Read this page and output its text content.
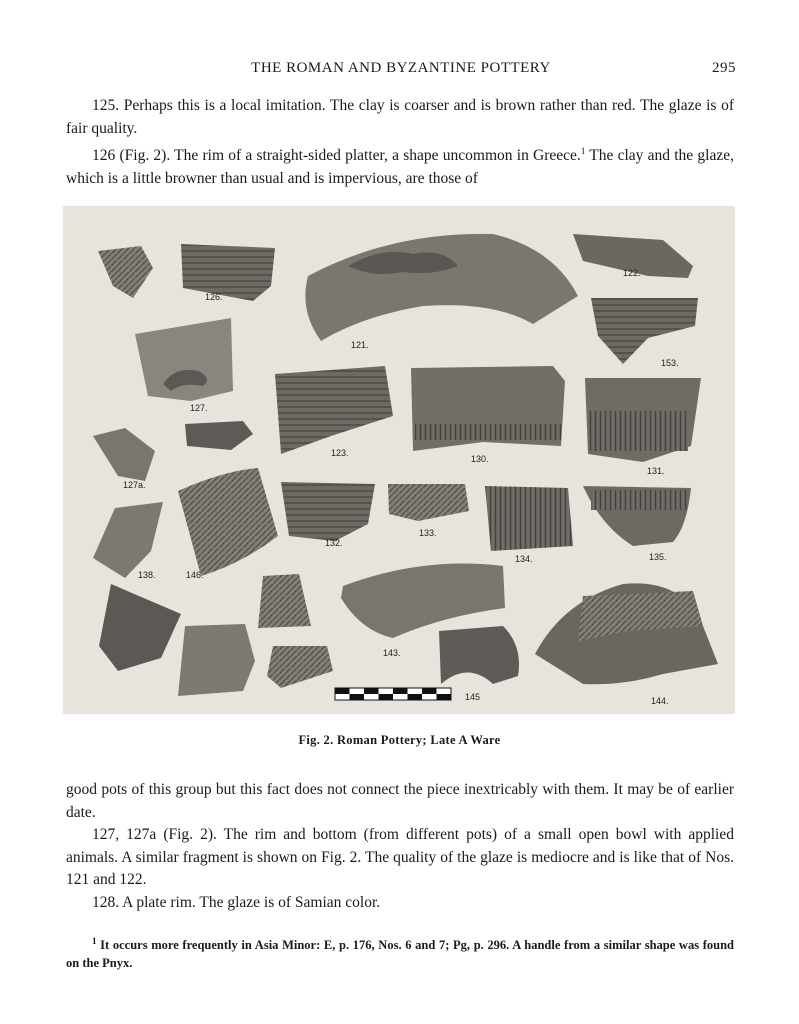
THE ROMAN AND BYZANTINE POTTERY	295

125. Perhaps this is a local imitation. The clay is coarser and is brown rather than red. The glaze is of fair quality.

126 (Fig. 2). The rim of a straight-sided platter, a shape uncommon in Greece.$^1$ The clay and the glaze, which is a little browner than usual and is impervious, are those of

126.
121.
122.
153.
127.
127a.
123.
130.
131.
132.
133.
134.	135.
138.	146.
143.
145	144.
Fig. 2. Roman Pottery; Late A Ware

good pots of this group but this fact does not connect the piece inextricably with them. It may be of earlier date.

127, 127a (Fig. 2). The rim and bottom (from different pots) of a small open bowl with applied animals. A similar fragment is shown on Fig. 2. The quality of the glaze is mediocre and is like that of Nos. 121 and 122.

128. A plate rim. The glaze is of Samian color.

$^1$ It occurs more frequently in Asia Minor: E, p. 176, Nos. 6 and 7; Pg, p. 296. A handle from a similar shape was found on the Pnyx.
